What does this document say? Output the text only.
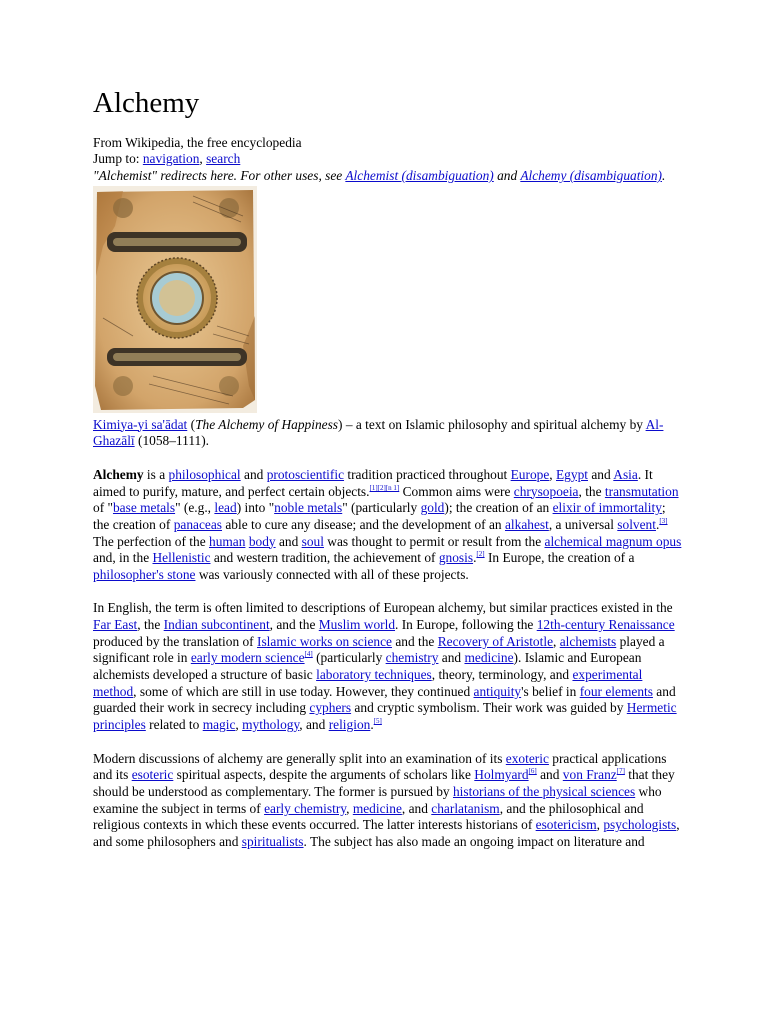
Alchemy
From Wikipedia, the free encyclopedia
Jump to: navigation, search
"Alchemist" redirects here. For other uses, see Alchemist (disambiguation) and Alchemy (disambiguation).
Kimiya-yi sa'ādat (The Alchemy of Happiness) – a text on Islamic philosophy and spiritual alchemy by Al-Ghazālī (1058–1111).

Alchemy is a philosophical and protoscientific tradition practiced throughout Europe, Egypt and Asia. It aimed to purify, mature, and perfect certain objects.[1][2][n 1] Common aims were chrysopoeia, the transmutation of "base metals" (e.g., lead) into "noble metals" (particularly gold); the creation of an elixir of immortality; the creation of panaceas able to cure any disease; and the development of an alkahest, a universal solvent.[3] The perfection of the human body and soul was thought to permit or result from the alchemical magnum opus and, in the Hellenistic and western tradition, the achievement of gnosis.[2] In Europe, the creation of a philosopher's stone was variously connected with all of these projects.

In English, the term is often limited to descriptions of European alchemy, but similar practices existed in the Far East, the Indian subcontinent, and the Muslim world. In Europe, following the 12th-century Renaissance produced by the translation of Islamic works on science and the Recovery of Aristotle, alchemists played a significant role in early modern science[4] (particularly chemistry and medicine). Islamic and European alchemists developed a structure of basic laboratory techniques, theory, terminology, and experimental method, some of which are still in use today. However, they continued antiquity's belief in four elements and guarded their work in secrecy including cyphers and cryptic symbolism. Their work was guided by Hermetic principles related to magic, mythology, and religion.[5]

Modern discussions of alchemy are generally split into an examination of its exoteric practical applications and its esoteric spiritual aspects, despite the arguments of scholars like Holmyard[6] and von Franz[7] that they should be understood as complementary. The former is pursued by historians of the physical sciences who examine the subject in terms of early chemistry, medicine, and charlatanism, and the philosophical and religious contexts in which these events occurred. The latter interests historians of esotericism, psychologists, and some philosophers and spiritualists. The subject has also made an ongoing impact on literature and
